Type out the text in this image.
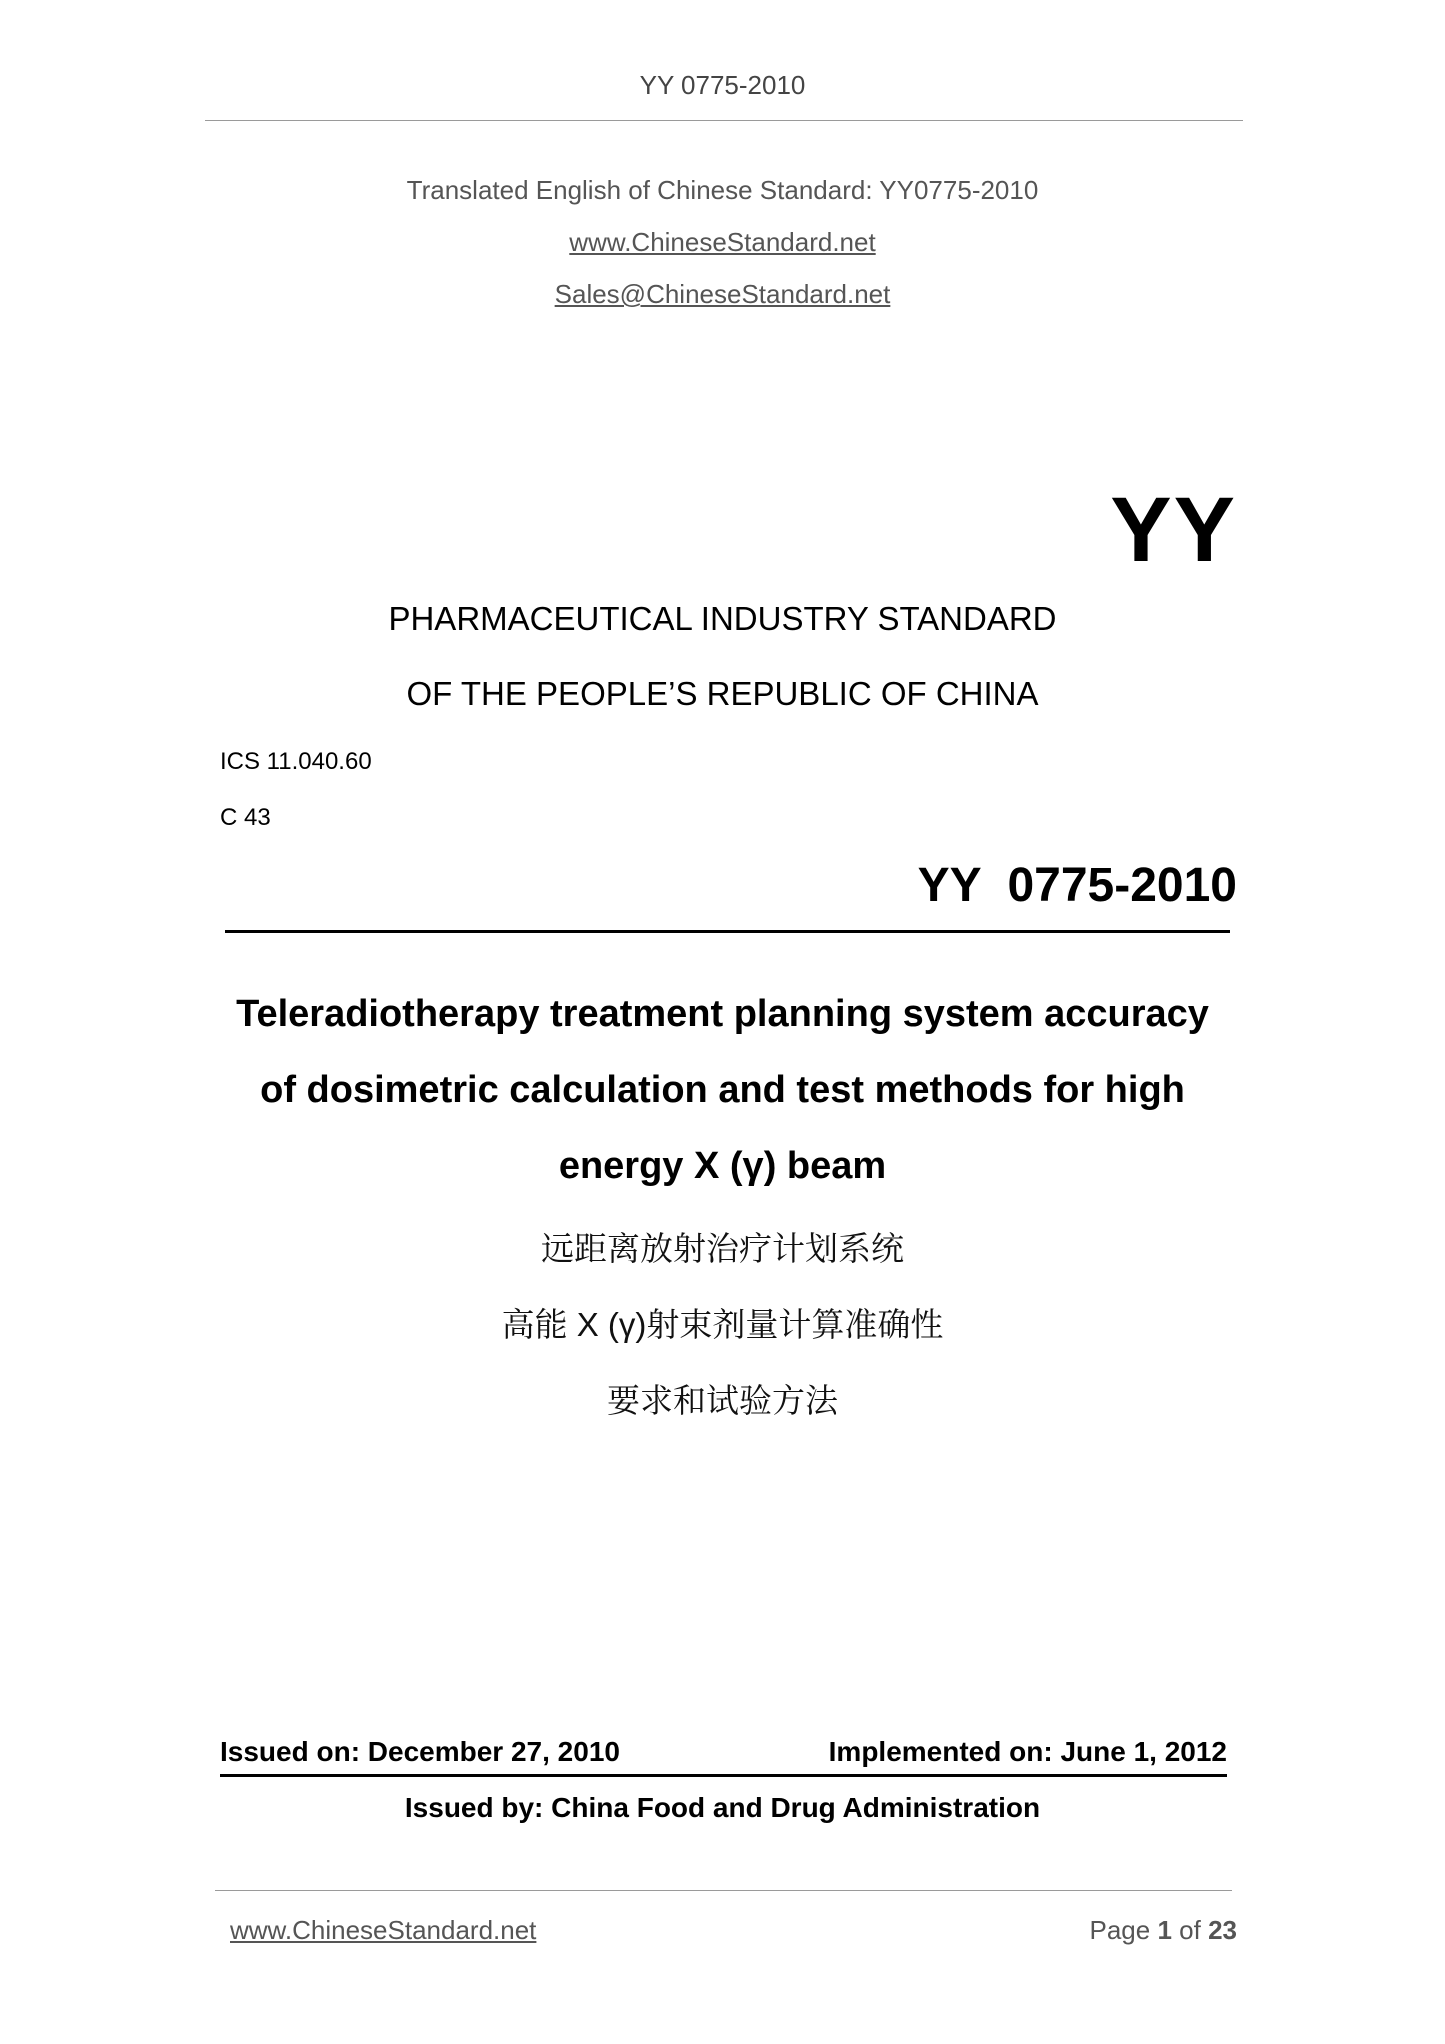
YY 0775-2010
Translated English of Chinese Standard: YY0775-2010
www.ChineseStandard.net
Sales@ChineseStandard.net
YY
PHARMACEUTICAL INDUSTRY STANDARD
OF THE PEOPLE’S REPUBLIC OF CHINA
ICS 11.040.60
C 43
YY  0775-2010
Teleradiotherapy treatment planning system accuracy
of dosimetric calculation and test methods for high
energy X (γ) beam
远距离放射治疗计划系统
高能 X (γ)射束剂量计算准确性
要求和试验方法
Issued on: December 27, 2010	Implemented on: June 1, 2012
Issued by: China Food and Drug Administration
www.ChineseStandard.net	Page 1 of 23
